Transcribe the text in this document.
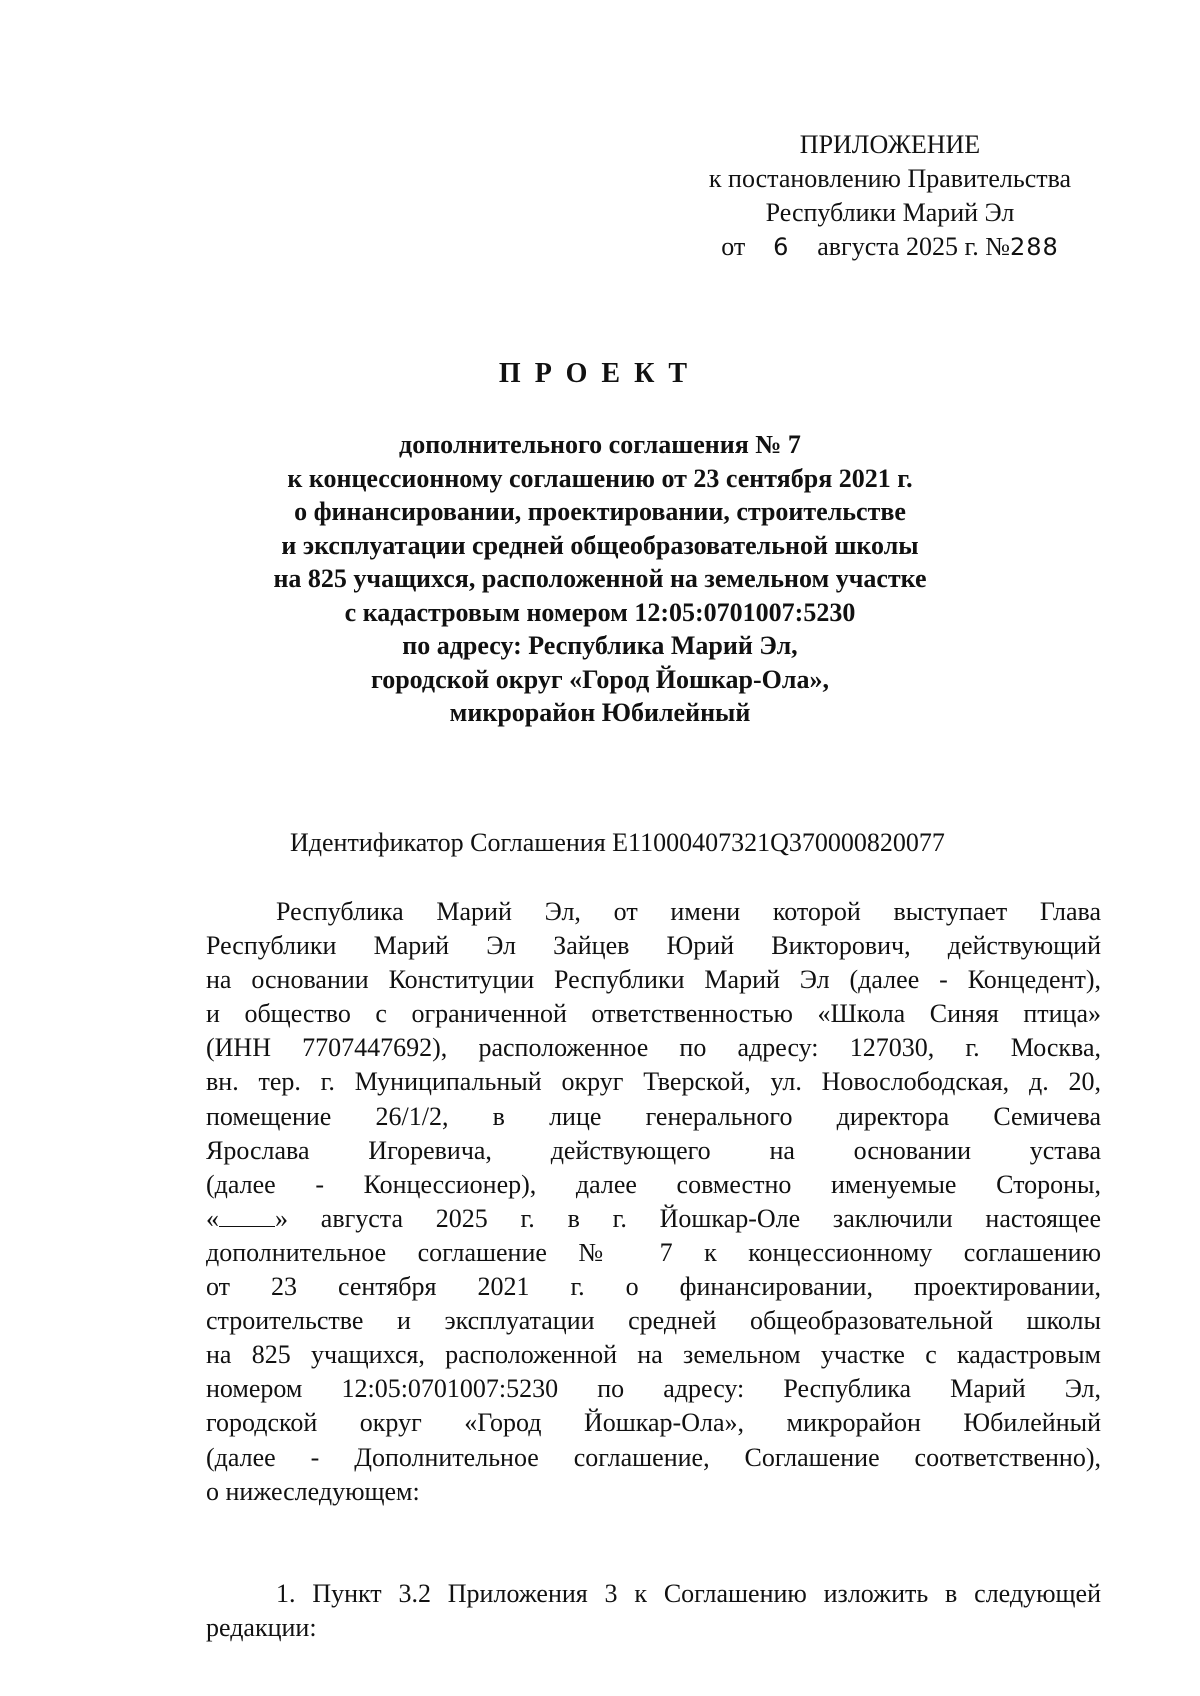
ПРИЛОЖЕНИЕ
к постановлению Правительства
Республики Марий Эл
от 6 августа 2025 г. №288
ПРОЕКТ
дополнительного соглашения № 7
к концессионному соглашению от 23 сентября 2021 г.
о финансировании, проектировании, строительстве
и эксплуатации средней общеобразовательной школы
на 825 учащихся, расположенной на земельном участке
с кадастровым номером 12:05:0701007:5230
по адресу: Республика Марий Эл,
городской округ «Город Йошкар-Ола»,
микрорайон Юбилейный
Идентификатор Соглашения E11000407321Q370000820077
Республика Марий Эл, от имени которой выступает Глава
Республики Марий Эл Зайцев Юрий Викторович, действующий
на основании Конституции Республики Марий Эл (далее - Концедент),
и общество с ограниченной ответственностью «Школа Синяя птица»
(ИНН 7707447692), расположенное по адресу: 127030, г. Москва,
вн. тер. г. Муниципальный округ Тверской, ул. Новослободская, д. 20,
помещение 26/1/2, в лице генерального директора Семичева
Ярослава Игоревича, действующего на основании устава
(далее - Концессионер), далее совместно именуемые Стороны,
« » августа 2025 г. в г. Йошкар-Оле заключили настоящее
дополнительное соглашение № 7 к концессионному соглашению
от 23 сентября 2021 г. о финансировании, проектировании,
строительстве и эксплуатации средней общеобразовательной школы
на 825 учащихся, расположенной на земельном участке с кадастровым
номером 12:05:0701007:5230 по адресу: Республика Марий Эл,
городской округ «Город Йошкар-Ола», микрорайон Юбилейный
(далее - Дополнительное соглашение, Соглашение соответственно),
о нижеследующем:
1. Пункт 3.2 Приложения 3 к Соглашению изложить в следующей
редакции:
